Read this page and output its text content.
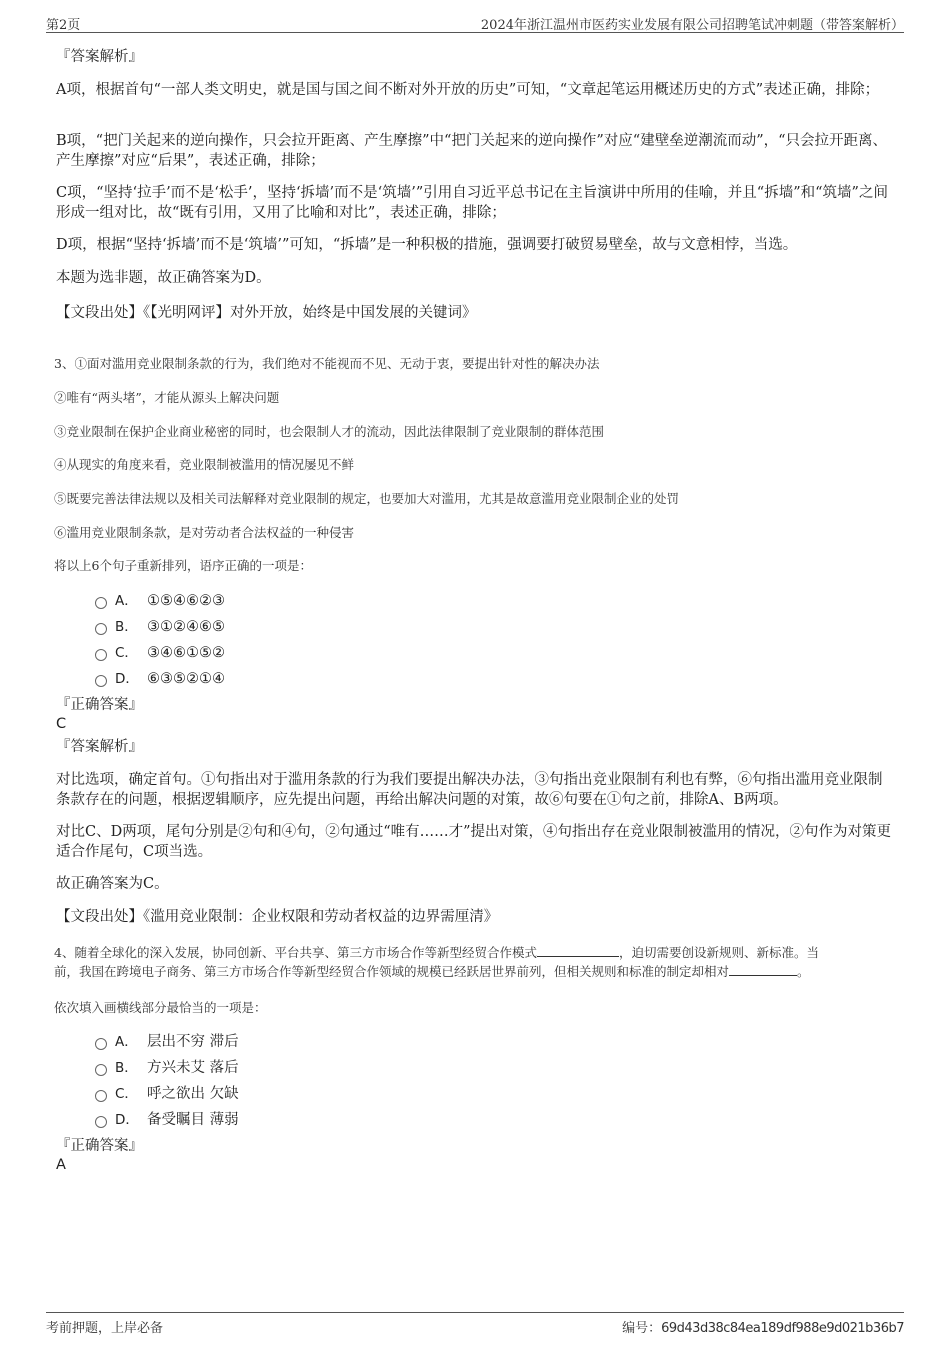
第2页	2024年浙江温州市医药实业发展有限公司招聘笔试冲刺题（带答案解析）
『答案解析』
A项，根据首句“一部人类文明史，就是国与国之间不断对外开放的历史”可知，“文章起笔运用概述历史的方式”表述正确，排除；
B项，“把门关起来的逆向操作，只会拉开距离、产生摩擦”中“把门关起来的逆向操作”对应“建壁垒逆潮流而动”，“只会拉开距离、产生摩擦”对应“后果”，表述正确，排除；
C项，“坚持‘拉手’而不是‘松手’，坚持‘拆墙’而不是‘筑墙’”引用自习近平总书记在主旨演讲中所用的佳喻，并且“拆墙”和“筑墙”之间形成一组对比，故“既有引用，又用了比喻和对比”，表述正确，排除；
D项，根据“坚持‘拆墙’而不是‘筑墙’”可知，“拆墙”是一种积极的措施，强调要打破贸易壁垒，故与文意相悖，当选。
本题为选非题，故正确答案为D。
【文段出处】《【光明网评】对外开放，始终是中国发展的关键词》
3、①面对滥用竞业限制条款的行为，我们绝对不能视而不见、无动于衷，要提出针对性的解决办法
②唯有“两头堵”，才能从源头上解决问题
③竞业限制在保护企业商业秘密的同时，也会限制人才的流动，因此法律限制了竞业限制的群体范围
④从现实的角度来看，竞业限制被滥用的情况屡见不鲜
⑤既要完善法律法规以及相关司法解释对竞业限制的规定，也要加大对滥用，尤其是故意滥用竞业限制企业的处罚
⑥滥用竞业限制条款，是对劳动者合法权益的一种侵害
将以上6个句子重新排列，语序正确的一项是：
A． ①⑤④⑥②③
B． ③①②④⑥⑤
C． ③④⑥①⑤②
D． ⑥③⑤②①④
『正确答案』
C
『答案解析』
对比选项，确定首句。①句指出对于滥用条款的行为我们要提出解决办法，③句指出竞业限制有利也有弊，⑥句指出滥用竞业限制条款存在的问题，根据逻辑顺序，应先提出问题，再给出解决问题的对策，故⑥句要在①句之前，排除A、B两项。
对比C、D两项，尾句分别是②句和④句，②句通过“唯有……才”提出对策，④句指出存在竞业限制被滥用的情况，②句作为对策更适合作尾句，C项当选。
故正确答案为C。
【文段出处】《滥用竞业限制：企业权限和劳动者权益的边界需厘清》
4、随着全球化的深入发展，协同创新、平台共享、第三方市场合作等新型经贸合作模式	，迫切需要创设新规则、新标准。当
前，我国在跨境电子商务、第三方市场合作等新型经贸合作领域的规模已经跃居世界前列，但相关规则和标准的制定却相对	。
依次填入画横线部分最恰当的一项是：
A． 层出不穷 滞后
B． 方兴未艾 落后
C． 呼之欲出 欠缺
D． 备受瞩目 薄弱
『正确答案』
A
考前押题，上岸必备	编号：69d43d38c84ea189df988e9d021b36b7
